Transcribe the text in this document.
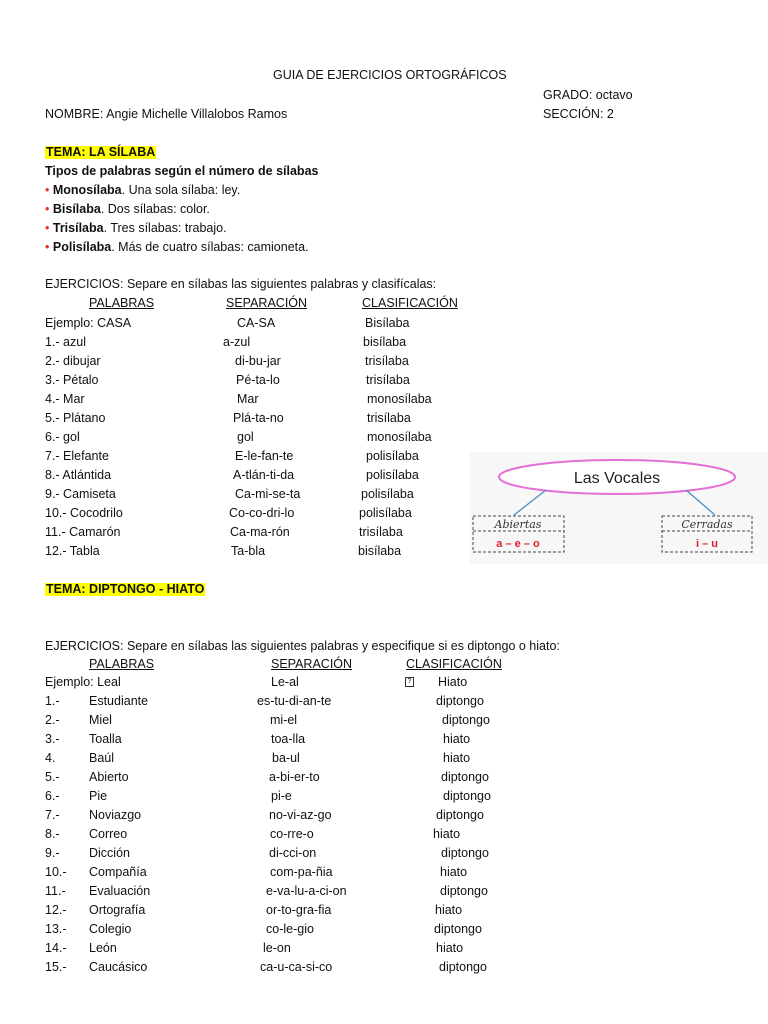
GUIA DE EJERCICIOS ORTOGRÁFICOS
GRADO: octavo
NOMBRE: Angie Michelle Villalobos Ramos	SECCIÓN: 2
TEMA: LA SÍLABA
Tipos de palabras según el número de sílabas
• Monosílaba. Una sola sílaba: ley.
• Bisílaba. Dos sílabas: color.
• Trisílaba. Tres sílabas: trabajo.
• Polisílaba. Más de cuatro sílabas: camioneta.
EJERCICIOS: Separe en sílabas las siguientes palabras y clasifícalas:
PALABRAS	SEPARACIÓN	CLASIFICACIÓN
Ejemplo: CASA	CA-SA	Bisílaba
1.- azul	a-zul	bisílaba
2.- dibujar	di-bu-jar	trisílaba
3.- Pétalo	Pé-ta-lo	trisílaba
4.- Mar	Mar	monosílaba
5.- Plátano	Plá-ta-no	trisílaba
6.- gol	gol	monosílaba
7.- Elefante	E-le-fan-te	polisílaba
8.- Atlántida	A-tlán-ti-da	polisílaba
9.- Camiseta	Ca-mi-se-ta	polisílaba
10.- Cocodrilo	Co-co-dri-lo	polisílaba
11.- Camarón	Ca-ma-rón	trisílaba
12.- Tabla	Ta-bla	bisílaba
Las Vocales
Abiertas
a – e – o
Cerradas
i – u
TEMA: DIPTONGO - HIATO
EJERCICIOS: Separe en sílabas las siguientes palabras y especifique si es diptongo o hiato:
PALABRAS	SEPARACIÓN	CLASIFICACIÓN
Ejemplo: Leal	Le-al	? Hiato
1.- Estudiante	es-tu-di-an-te	diptongo
2.- Miel	mi-el	diptongo
3.- Toalla	toa-lla	hiato
4.	Baúl	ba-ul	hiato
5.- Abierto	a-bi-er-to	diptongo
6.- Pie	pi-e	diptongo
7.- Noviazgo	no-vi-az-go	diptongo
8.- Correo	co-rre-o	hiato
9.- Dicción	di-cci-on	diptongo
10.- Compañía	com-pa-ñia	hiato
11.- Evaluación	e-va-lu-a-ci-on	diptongo
12.- Ortografía	or-to-gra-fia	hiato
13.- Colegio	co-le-gio	diptongo
14.- León	le-on	hiato
15.- Caucásico	ca-u-ca-si-co	diptongo
